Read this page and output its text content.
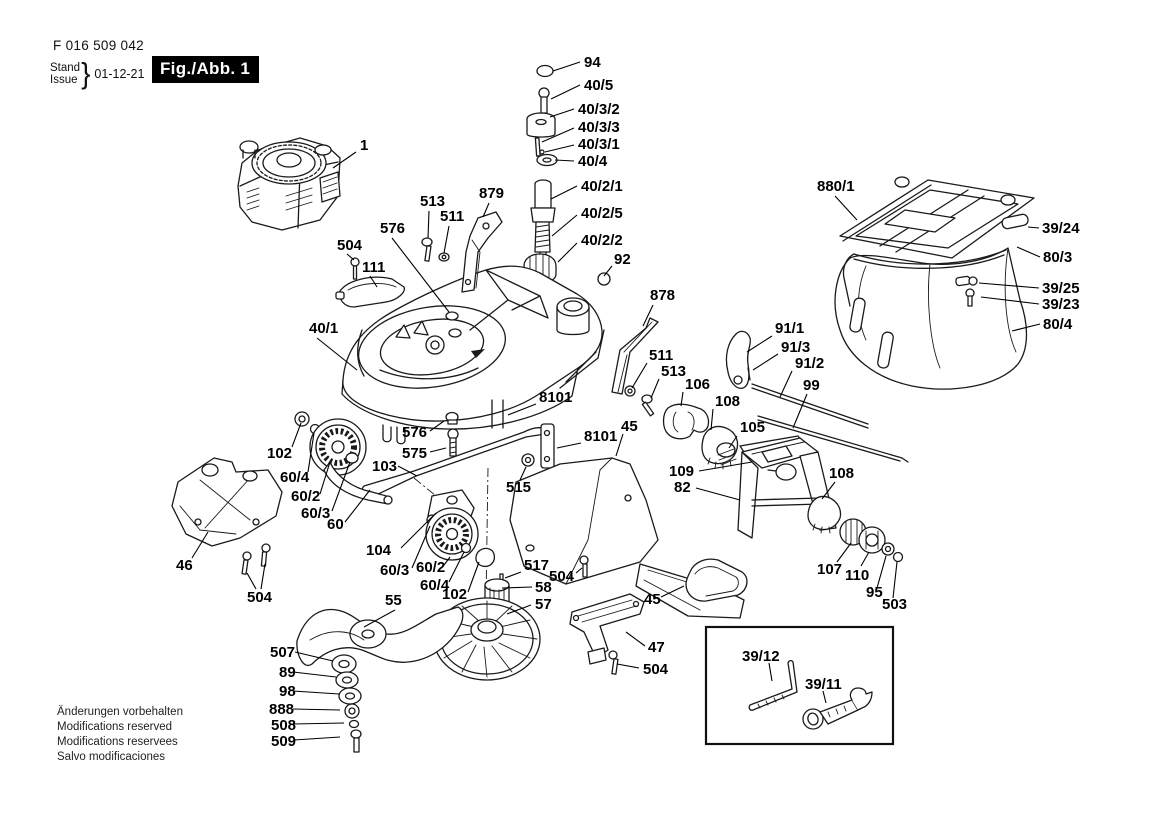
F 016 509 042
Stand
Issue } 01-12-21 Fig./Abb. 1
Änderungen vorbehalten
Modifications reserved
Modifications reservees
Salvo modificaciones
94
40/5
40/3/2
40/3/3
40/3/1
40/4
40/2/1
40/2/5
40/2/2
92
1
513
511
879
576
504
111
40/1
880/1
39/24
80/3
39/25
39/23
80/4
878
91/1
91/3
91/2
99
511
513
106
108
105
8101
8101
45
576
575
103
515
109
82
108
102
60/4
60/2
60/3
60
104
60/3 60/2
60/4
102
517
504
58
57
55
46
504
507
89
98
888
508
509
45
47
504
107 110
95
503
39/12
39/11
